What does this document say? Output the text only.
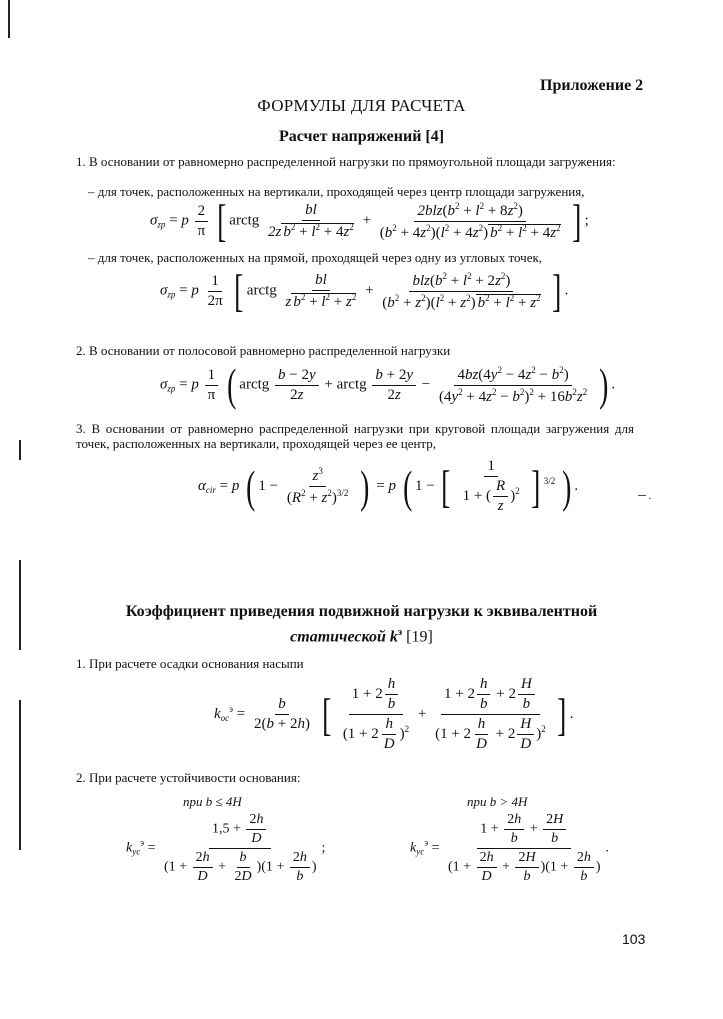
Приложение 2
ФОРМУЛЫ ДЛЯ РАСЧЕТА
Расчет напряжений [4]
1. В основании от равномерно распределенной нагрузки по прямоугольной площади загружения:
– для точек, расположенных на вертикали, проходящей через центр площади загружения,
$\sigma_{zp} = p \frac{2}{\pi}$ [ arctg $\frac{bl}{2z b^2 + l^2 + 4z^2} + \frac{2blz(b^2 + l^2 + 8z^2)}{(b^2 + 4z^2)(l^2 + 4z^2) b^2 + l^2 + 4z^2}$ ] ;
– для точек, расположенных на прямой, проходящей через одну из угловых точек,
$\sigma_{zp} = p \frac{1}{2\pi}$ [ arctg $\frac{bl}{z b^2 + l^2 + z^2} + \frac{blz(b^2 + l^2 + 2z^2)}{(b^2 + z^2)(l^2 + z^2) b^2 + l^2 + z^2}$ ] .
2. В основании от полосовой равномерно распределенной нагрузки
$\sigma_{zp} = p \frac{1}{\pi}$ ( arctg $\frac{b - 2y}{2z}$ + arctg $\frac{b + 2y}{2z} - \frac{4bz(4y^2 - 4z^2 - b^2)}{(4y^2 + 4z^2 - b^2)^2 + 16b^2z^2}$ ) .
3. В основании от равномерно распределенной нагрузки при круговой площади загружения для точек, расположенных на вертикали, проходящей через ее центр,
$\alpha_{cir} = p$ ( $1 - \frac{z^3}{(R^2 + z^2)^{3/2}}$ ) = p ( 1 − [ $\frac{1}{1 + ( \frac{R}{z} )^2}$ ] $^{3/2}$ ) .
─ .
Коэффициент приведения подвижной нагрузки к эквивалентной
статической $k^э$ [19]
1. При расчете осадки основания насыпи
$k_{ос}^э = \frac{b}{2(b + 2h)}$ [ $\frac{1 + 2 \frac{h}{b}}{(1 + 2 \frac{h}{D} )^2} + \frac{1 + 2 \frac{h}{b} + 2 \frac{H}{b}}{(1 + 2 \frac{h}{D} + 2 \frac{H}{D} )^2}$ ] .
2. При расчете устойчивости основания:
при b ≤ 4H	при b > 4H
$k_{ус}^э = \frac{1,5 + \frac{2h}{D}}{(1 + \frac{2h}{D} + \frac{b}{2D} )(1 + \frac{2h}{b} )}$ ;	$k_{ус}^э = \frac{1 + \frac{2h}{b} + \frac{2H}{b}}{(1 + \frac{2h}{D} + \frac{2H}{b} )(1 + \frac{2h}{b} )}$ .
103
